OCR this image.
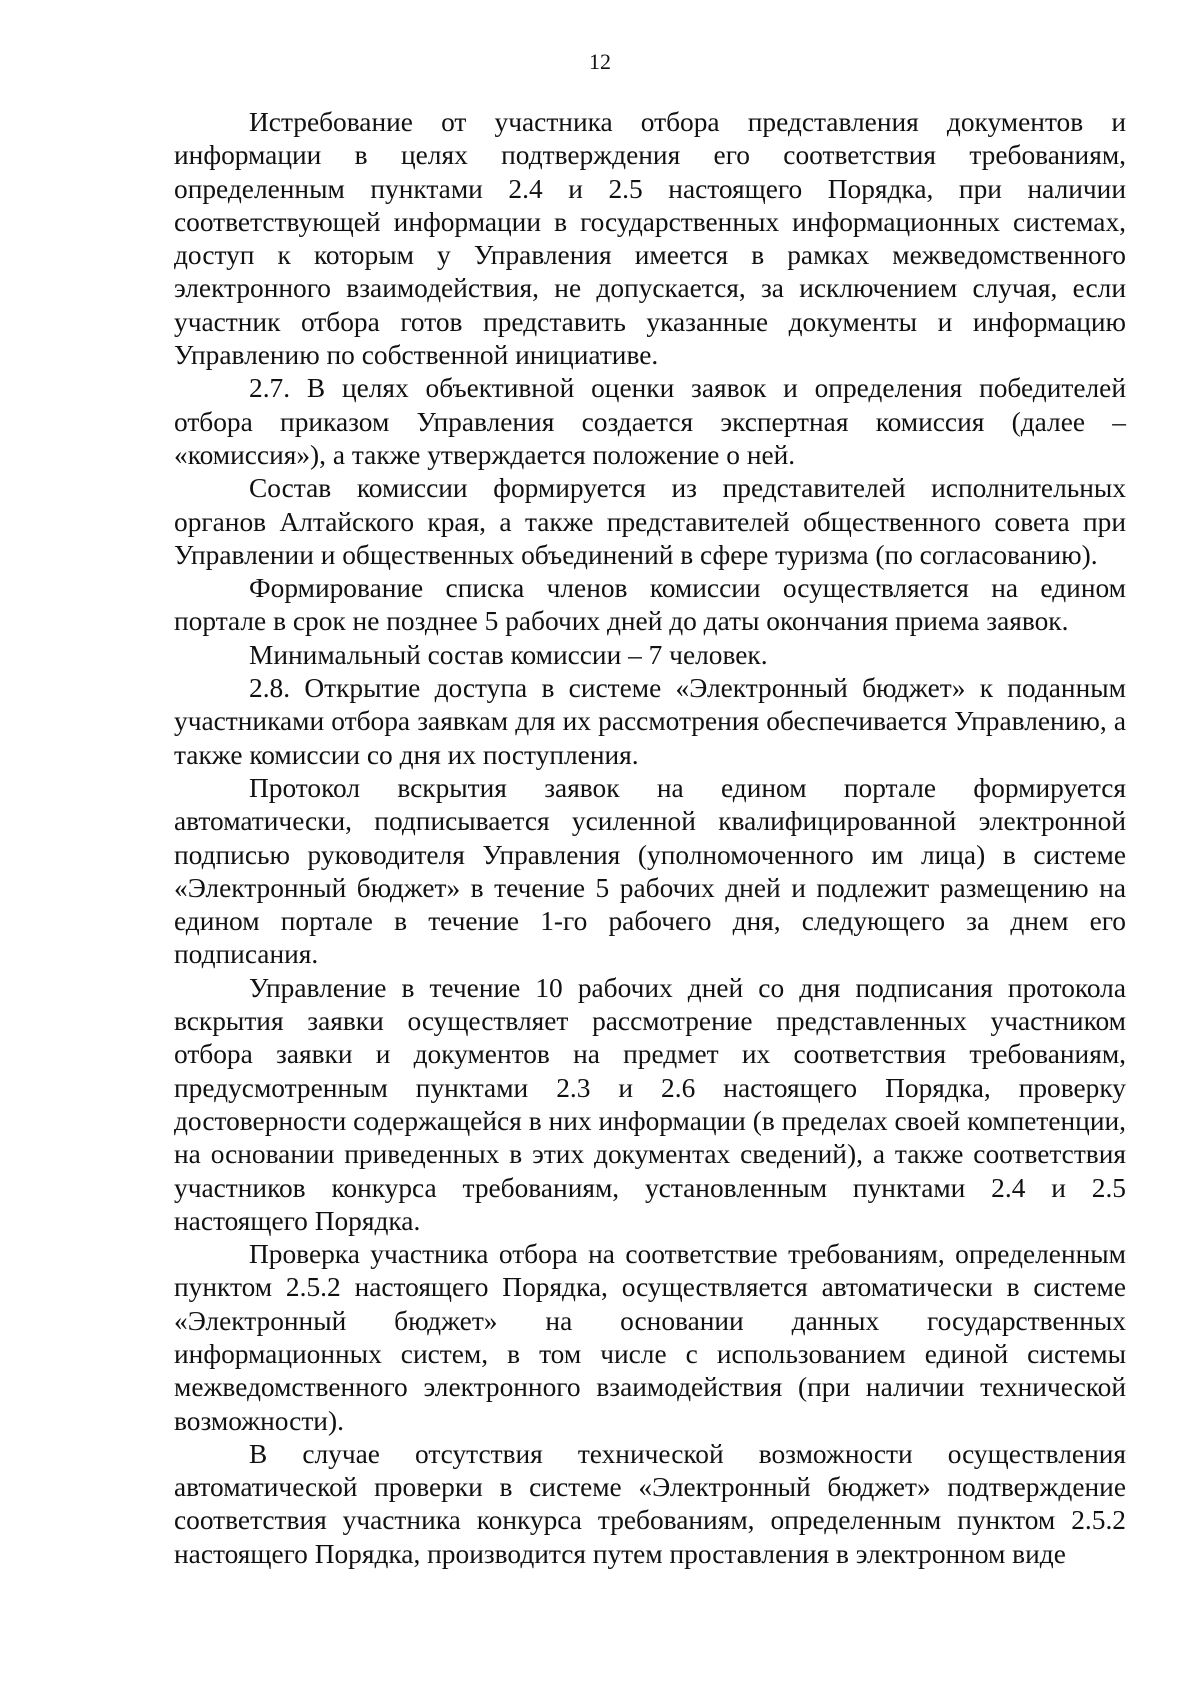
12

Истребование от участника отбора представления документов и информации в целях подтверждения его соответствия требованиям, определенным пунктами 2.4 и 2.5 настоящего Порядка, при наличии соответствующей информации в государственных информационных системах, доступ к которым у Управления имеется в рамках межведомственного электронного взаимодействия, не допускается, за исключением случая, если участник отбора готов представить указанные документы и информацию Управлению по собственной инициативе.

2.7. В целях объективной оценки заявок и определения победителей отбора приказом Управления создается экспертная комиссия (далее – «комиссия»), а также утверждается положение о ней.

Состав комиссии формируется из представителей исполнительных органов Алтайского края, а также представителей общественного совета при Управлении и общественных объединений в сфере туризма (по согласованию).

Формирование списка членов комиссии осуществляется на едином портале в срок не позднее 5 рабочих дней до даты окончания приема заявок.

Минимальный состав комиссии – 7 человек.

2.8. Открытие доступа в системе «Электронный бюджет» к поданным участниками отбора заявкам для их рассмотрения обеспечивается Управлению, а также комиссии со дня их поступления.

Протокол вскрытия заявок на едином портале формируется автоматически, подписывается усиленной квалифицированной электронной подписью руководителя Управления (уполномоченного им лица) в системе «Электронный бюджет» в течение 5 рабочих дней и подлежит размещению на едином портале в течение 1-го рабочего дня, следующего за днем его подписания.

Управление в течение 10 рабочих дней со дня подписания протокола вскрытия заявки осуществляет рассмотрение представленных участником отбора заявки и документов на предмет их соответствия требованиям, предусмотренным пунктами 2.3 и 2.6 настоящего Порядка, проверку достоверности содержащейся в них информации (в пределах своей компетенции, на основании приведенных в этих документах сведений), а также соответствия участников конкурса требованиям, установленным пунктами 2.4 и 2.5 настоящего Порядка.

Проверка участника отбора на соответствие требованиям, определенным пунктом 2.5.2 настоящего Порядка, осуществляется автоматически в системе «Электронный бюджет» на основании данных государственных информационных систем, в том числе с использованием единой системы межведомственного электронного взаимодействия (при наличии технической возможности).

В случае отсутствия технической возможности осуществления автоматической проверки в системе «Электронный бюджет» подтверждение соответствия участника конкурса требованиям, определенным пунктом 2.5.2 настоящего Порядка, производится путем проставления в электронном виде
